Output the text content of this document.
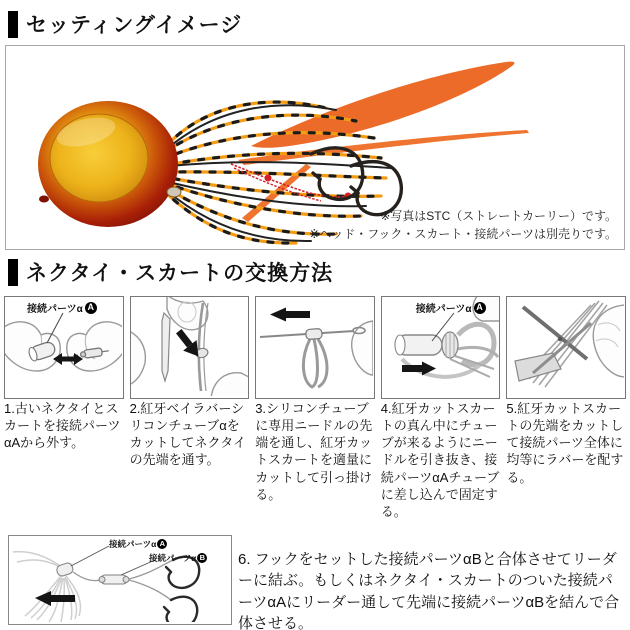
セッティングイメージ
※写真はSTC（ストレートカーリー）です。
※ヘッド・フック・スカート・接続パーツは別売りです。
ネクタイ・スカートの交換方法
接続パーツα A	接続パーツα A
1.古いネクタイとスカートを接続パーツαAから外す。
2.紅牙ベイラバーシリコンチューブαをカットしてネクタイの先端を通す。
3.シリコンチューブに専用ニードルの先端を通し、紅牙カットスカートを適量にカットして引っ掛ける。
4.紅牙カットスカートの真ん中にチューブが来るようにニードルを引き抜き、接続パーツαAチューブに差し込んで固定する。
5.紅牙カットスカートの先端をカットして接続パーツ全体に均等にラバーを配する。
接続パーツα A
接続パーツα B 6. フックをセットした接続パーツαBと合体させてリーダーに結ぶ。もしくはネクタイ・スカートのついた接続パーツαAにリーダー通して先端に接続パーツαBを結んで合体させる。
